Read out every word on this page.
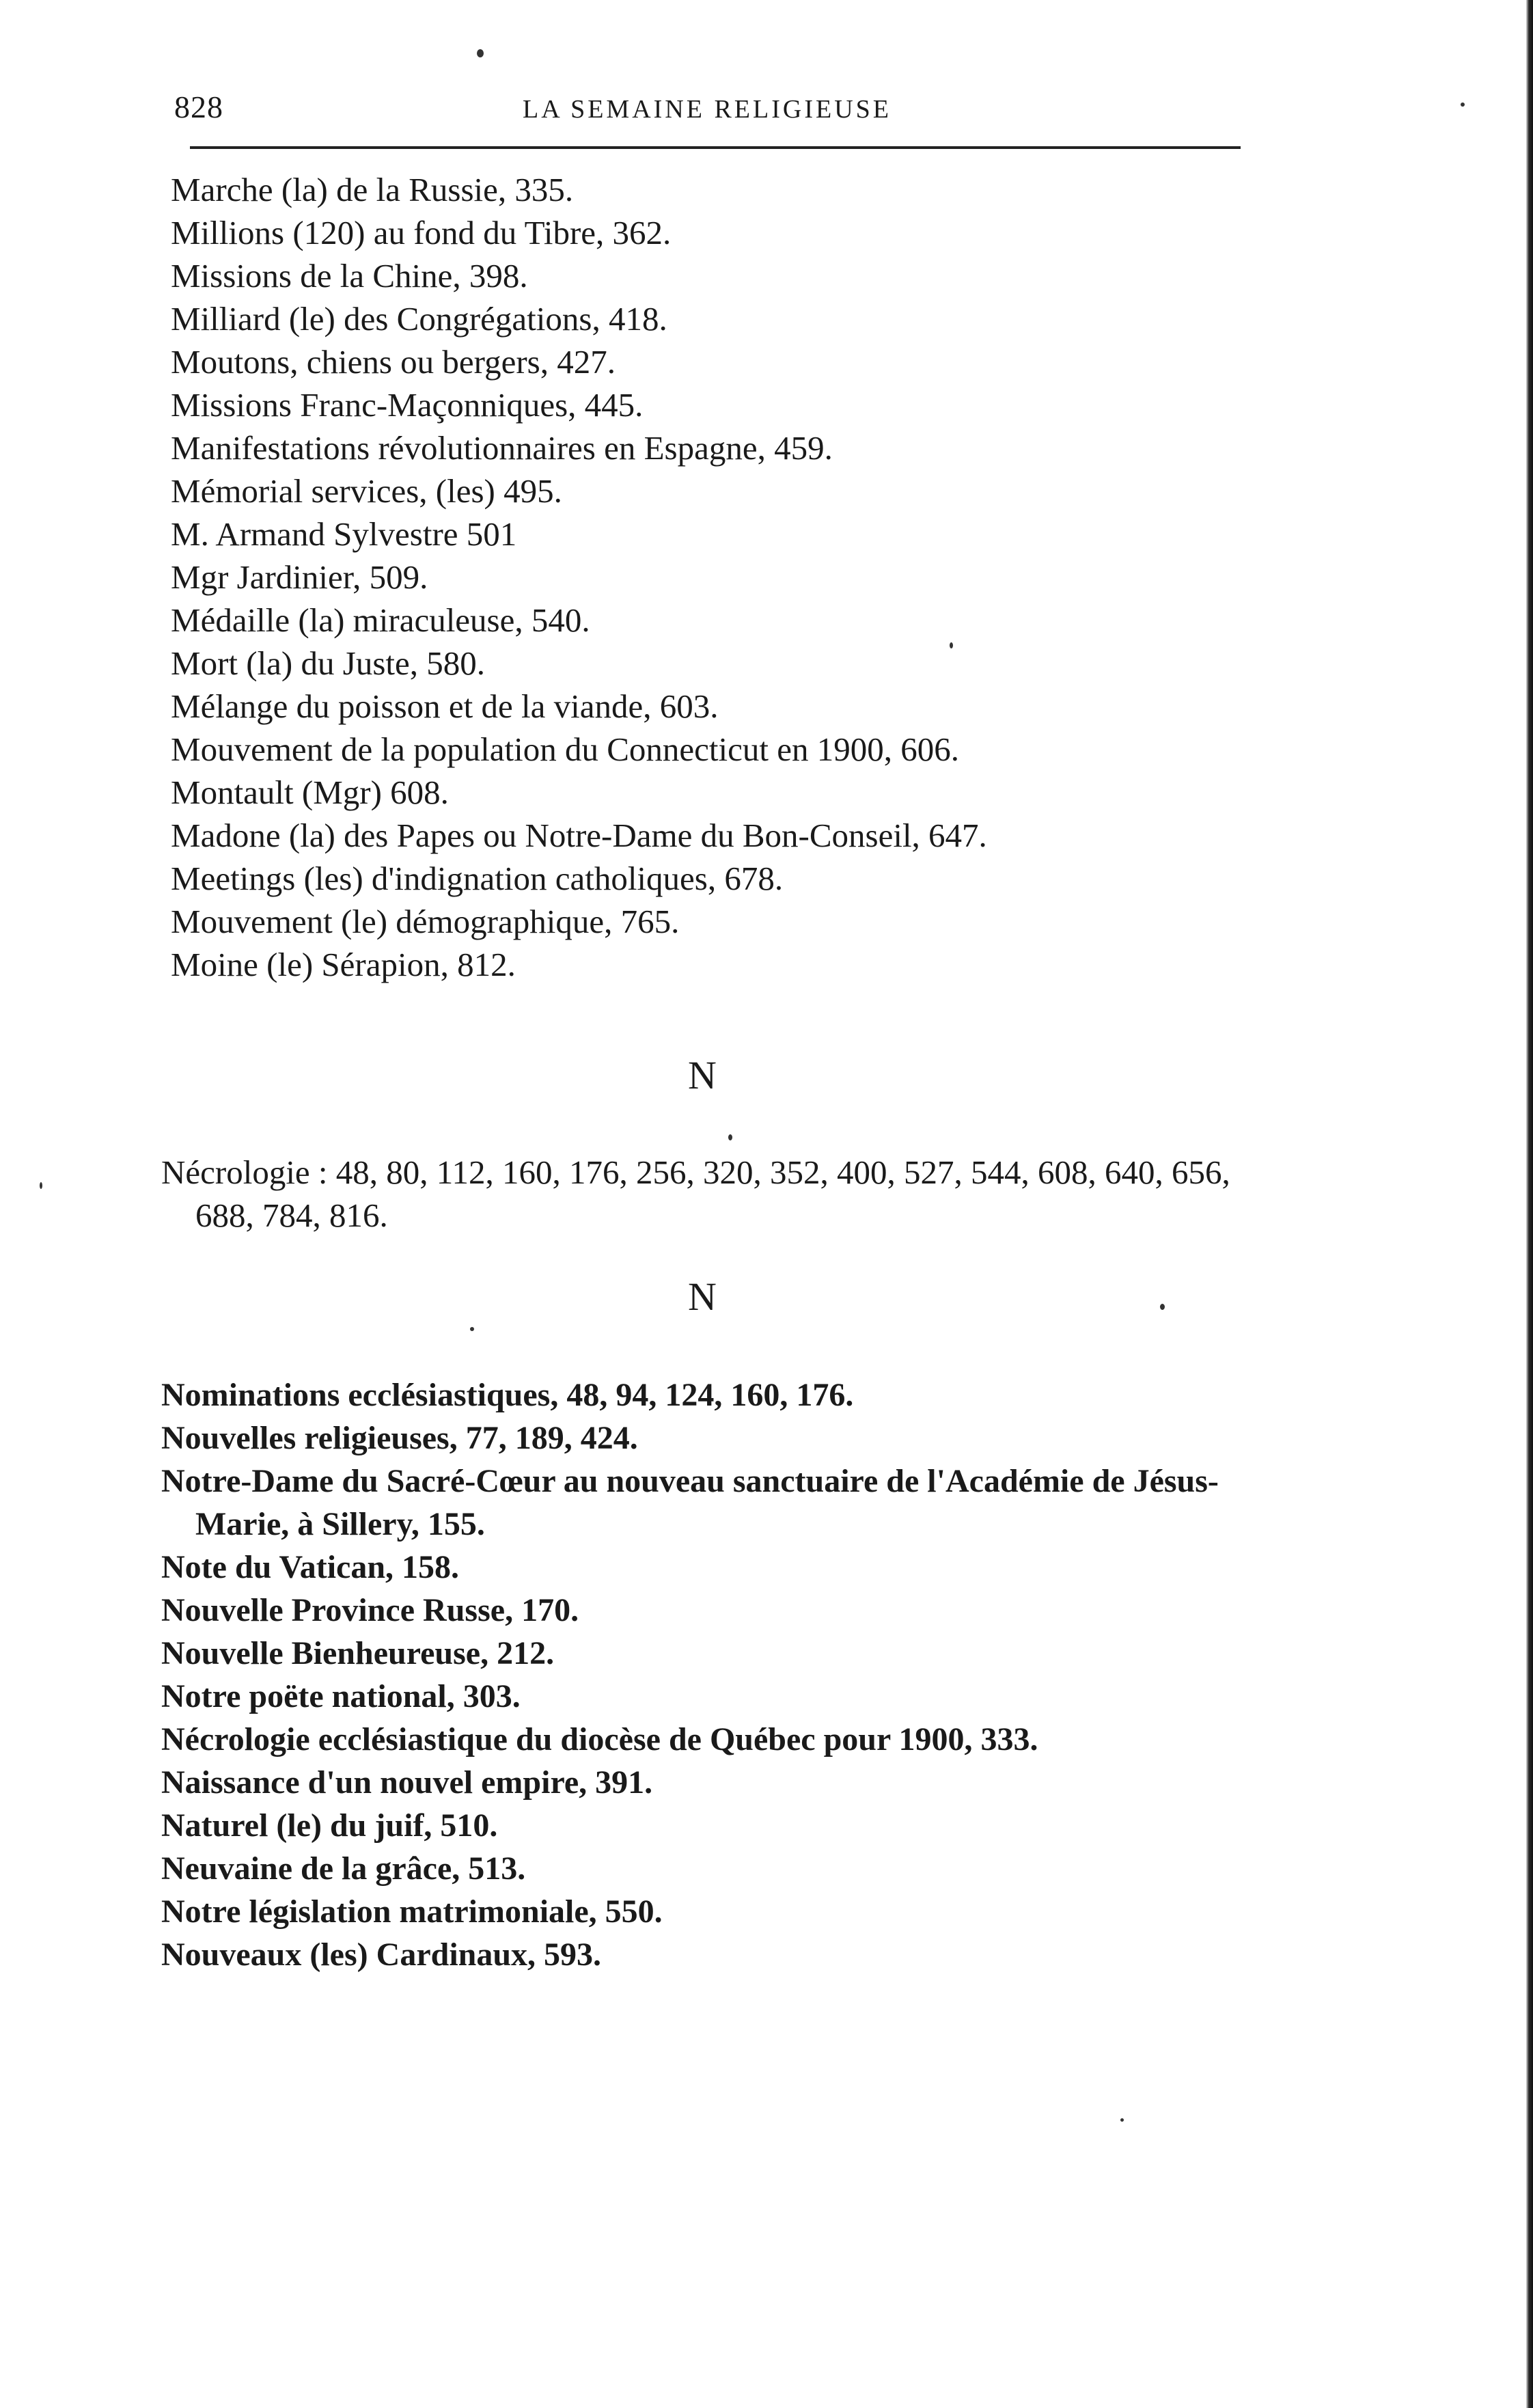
828	LA SEMAINE RELIGIEUSE
Marche (la) de la Russie, 335.
Millions (120) au fond du Tibre, 362.
Missions de la Chine, 398.
Milliard (le) des Congrégations, 418.
Moutons, chiens ou bergers, 427.
Missions Franc-Maçonniques, 445.
Manifestations révolutionnaires en Espagne, 459.
Mémorial services, (les) 495.
M. Armand Sylvestre 501
Mgr Jardinier, 509.
Médaille (la) miraculeuse, 540.
Mort (la) du Juste, 580.
Mélange du poisson et de la viande, 603.
Mouvement de la population du Connecticut en 1900, 606.
Montault (Mgr) 608.
Madone (la) des Papes ou Notre-Dame du Bon-Conseil, 647.
Meetings (les) d'indignation catholiques, 678.
Mouvement (le) démographique, 765.
Moine (le) Sérapion, 812.
N
Nécrologie : 48, 80, 112, 160, 176, 256, 320, 352, 400, 527, 544, 608, 640, 656, 688, 784, 816.
N
Nominations ecclésiastiques, 48, 94, 124, 160, 176.
Nouvelles religieuses, 77, 189, 424.
Notre-Dame du Sacré-Cœur au nouveau sanctuaire de l'Académie de Jésus-Marie, à Sillery, 155.
Note du Vatican, 158.
Nouvelle Province Russe, 170.
Nouvelle Bienheureuse, 212.
Notre poëte national, 303.
Nécrologie ecclésiastique du diocèse de Québec pour 1900, 333.
Naissance d'un nouvel empire, 391.
Naturel (le) du juif, 510.
Neuvaine de la grâce, 513.
Notre législation matrimoniale, 550.
Nouveaux (les) Cardinaux, 593.
